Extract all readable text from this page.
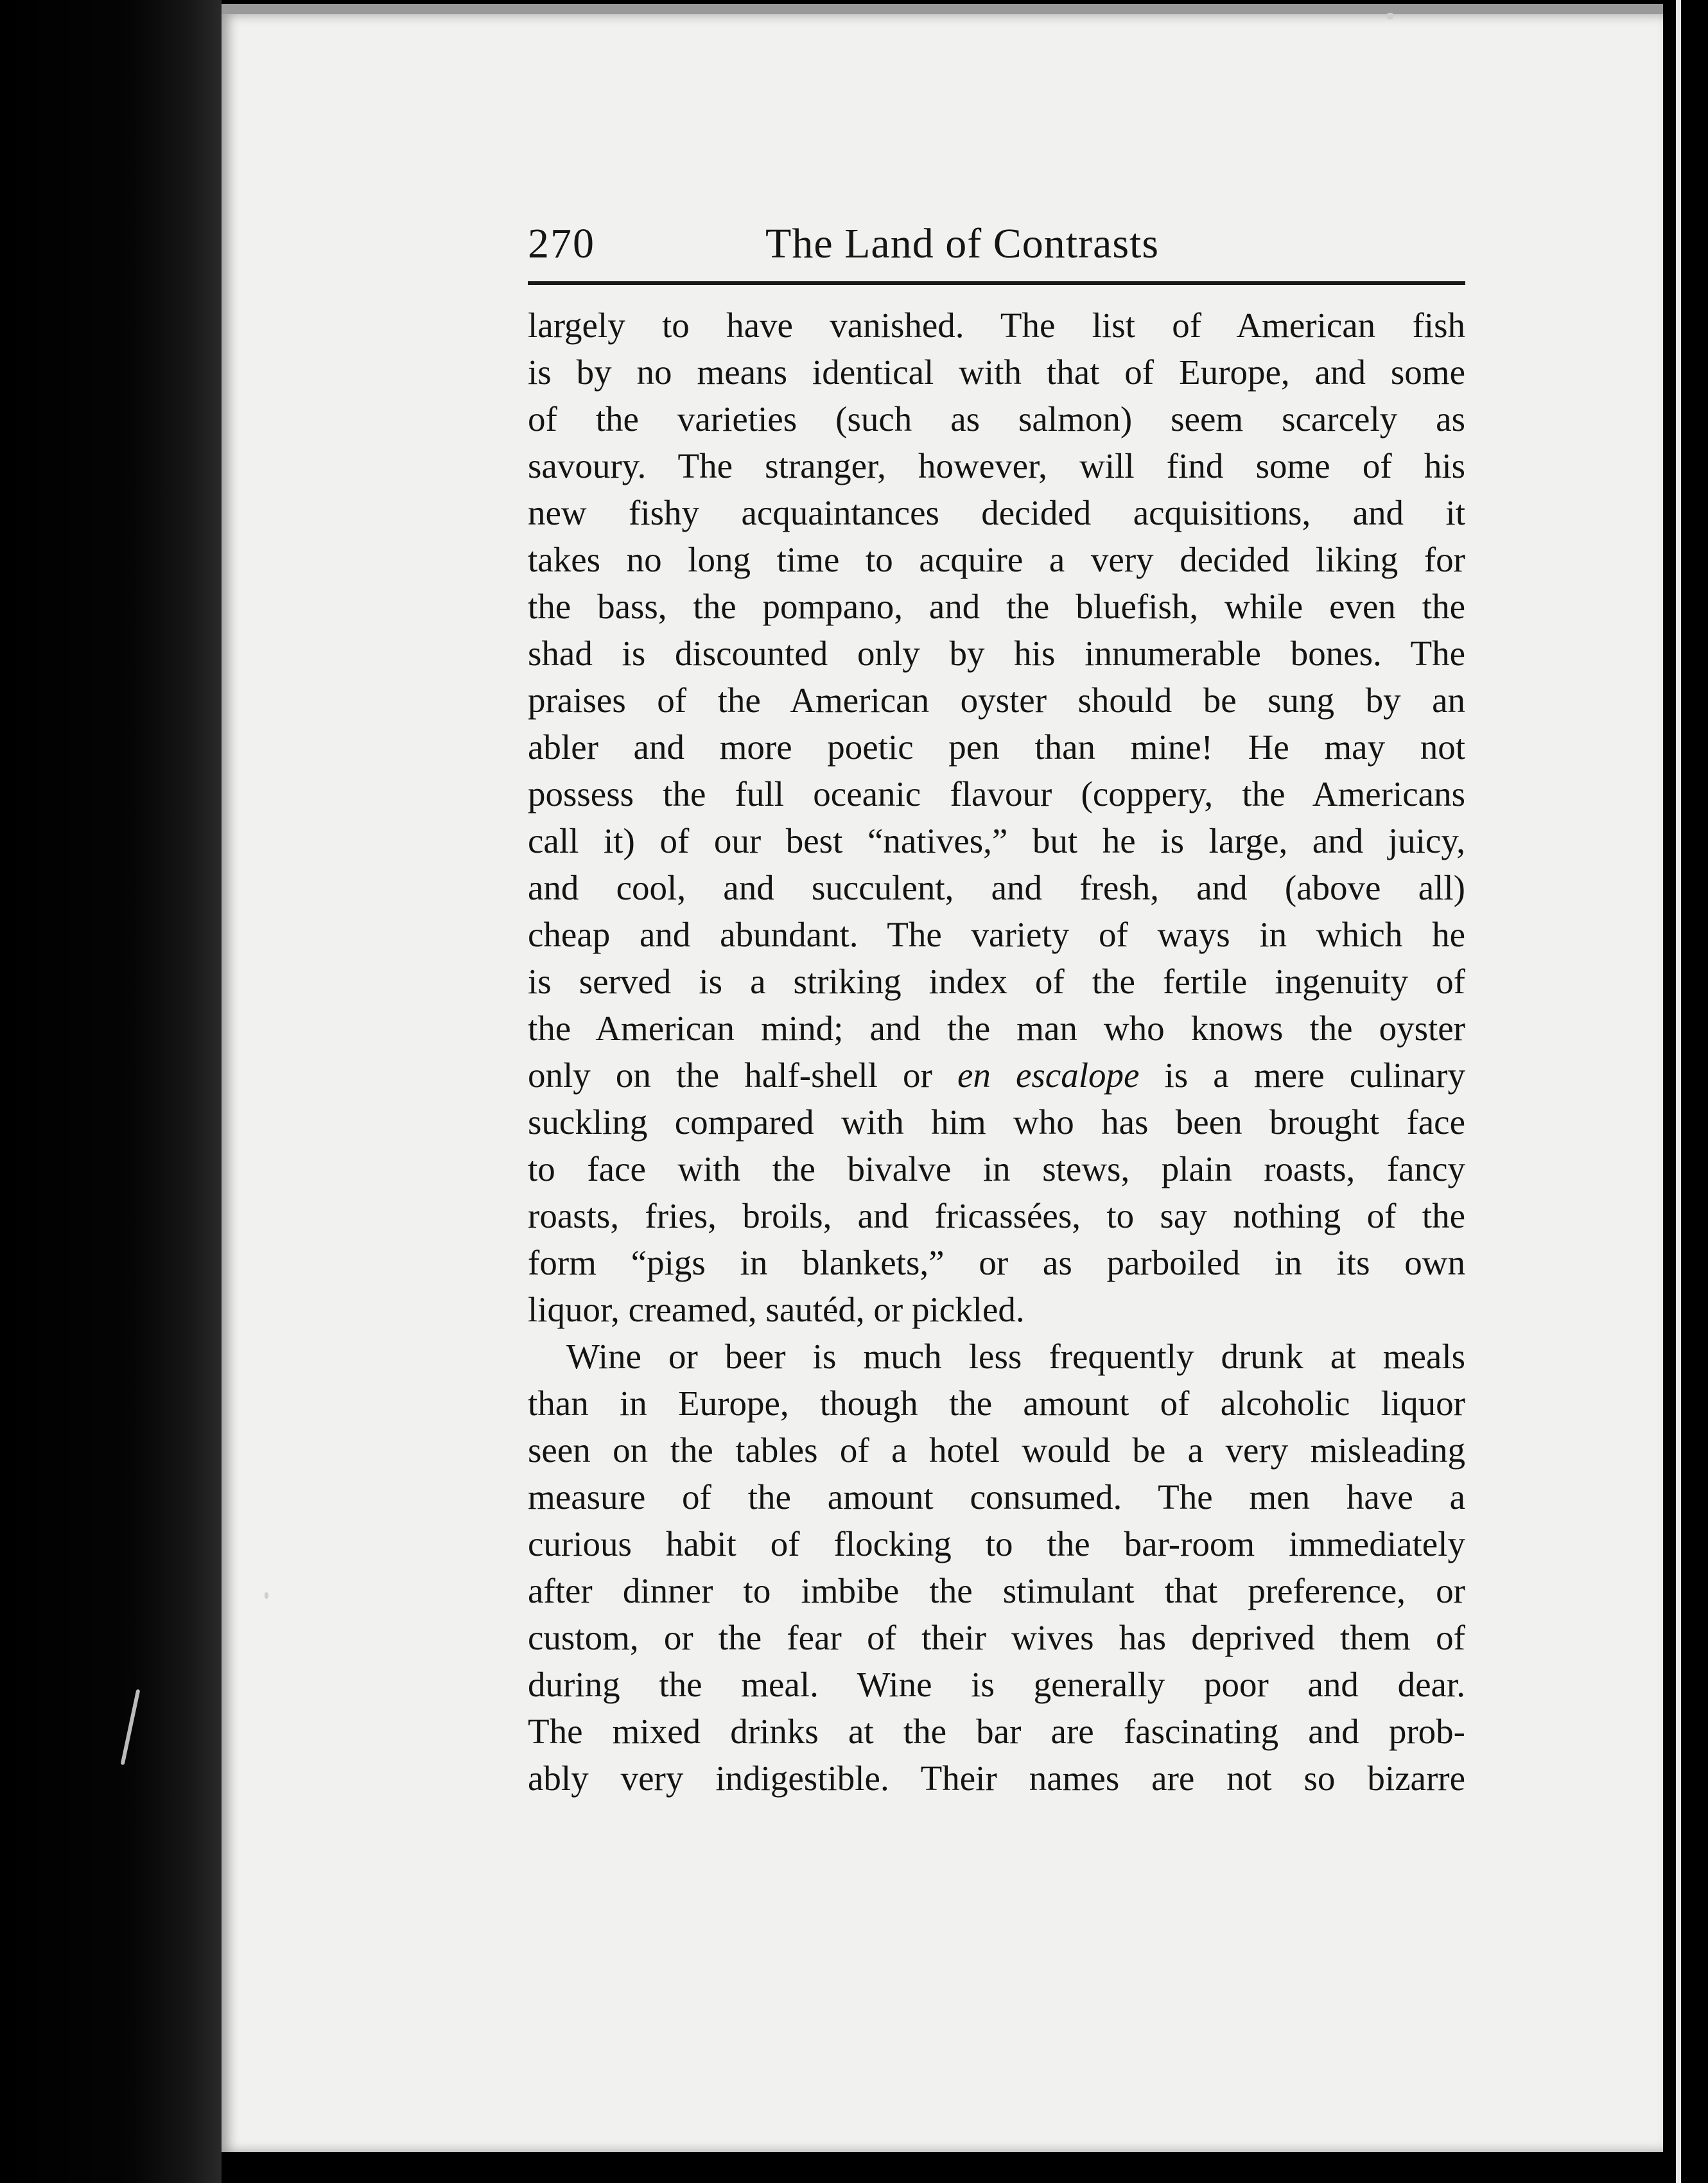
270	The Land of Contrasts
largely to have vanished. The list of American fish
is by no means identical with that of Europe, and some
of the varieties (such as salmon) seem scarcely as
savoury. The stranger, however, will find some of his
new fishy acquaintances decided acquisitions, and it
takes no long time to acquire a very decided liking for
the bass, the pompano, and the bluefish, while even the
shad is discounted only by his innumerable bones. The
praises of the American oyster should be sung by an
abler and more poetic pen than mine! He may not
possess the full oceanic flavour (coppery, the Americans
call it) of our best “natives,” but he is large, and juicy,
and cool, and succulent, and fresh, and (above all)
cheap and abundant. The variety of ways in which he
is served is a striking index of the fertile ingenuity of
the American mind; and the man who knows the oyster
only on the half-shell or en escalope is a mere culinary
suckling compared with him who has been brought face
to face with the bivalve in stews, plain roasts, fancy
roasts, fries, broils, and fricassées, to say nothing of the
form “pigs in blankets,” or as parboiled in its own
liquor, creamed, sautéd, or pickled.
Wine or beer is much less frequently drunk at meals
than in Europe, though the amount of alcoholic liquor
seen on the tables of a hotel would be a very misleading
measure of the amount consumed. The men have a
curious habit of flocking to the bar-room immediately
after dinner to imbibe the stimulant that preference, or
custom, or the fear of their wives has deprived them of
during the meal. Wine is generally poor and dear.
The mixed drinks at the bar are fascinating and prob-
ably very indigestible. Their names are not so bizarre
